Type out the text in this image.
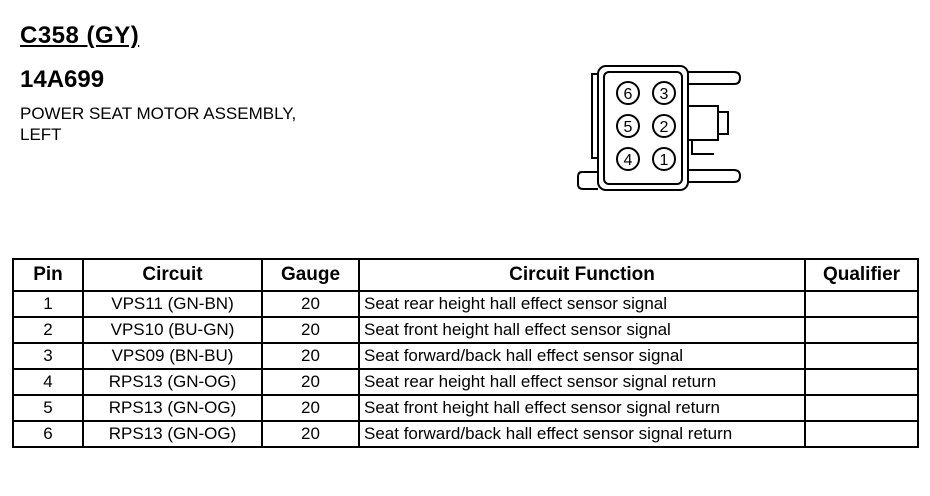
C358 (GY)
14A699
POWER SEAT MOTOR ASSEMBLY,
LEFT
6 3
5 2
4 1
Pin	Circuit	Gauge	Circuit Function	Qualifier
1	VPS11 (GN-BN)	20	Seat rear height hall effect sensor signal	
2	VPS10 (BU-GN)	20	Seat front height hall effect sensor signal	
3	VPS09 (BN-BU)	20	Seat forward/back hall effect sensor signal	
4	RPS13 (GN-OG)	20	Seat rear height hall effect sensor signal return	
5	RPS13 (GN-OG)	20	Seat front height hall effect sensor signal return	
6	RPS13 (GN-OG)	20	Seat forward/back hall effect sensor signal return	
